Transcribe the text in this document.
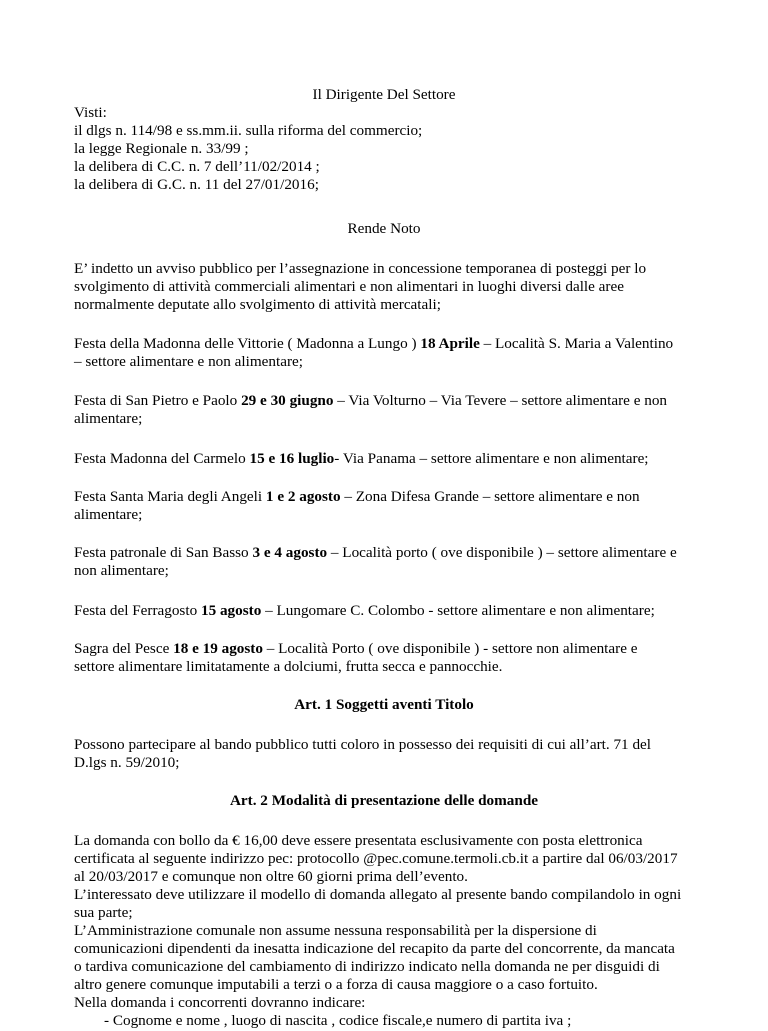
Il Dirigente Del Settore
Visti:
il dlgs n. 114/98 e ss.mm.ii. sulla riforma del commercio;
la legge Regionale n. 33/99 ;
la delibera di C.C. n. 7 dell’11/02/2014 ;
la delibera di G.C. n. 11 del 27/01/2016;
Rende Noto
E’ indetto un avviso pubblico per l’assegnazione in concessione temporanea di posteggi per lo
svolgimento di attività commerciali alimentari e non alimentari in luoghi diversi dalle aree
normalmente deputate allo svolgimento di attività mercatali;
Festa della Madonna delle Vittorie ( Madonna a Lungo ) 18 Aprile – Località S. Maria a Valentino
– settore alimentare e non alimentare;
Festa di San Pietro e Paolo 29 e 30 giugno – Via Volturno – Via Tevere – settore alimentare e non
alimentare;
Festa Madonna del Carmelo 15 e 16 luglio- Via Panama – settore alimentare e non alimentare;
Festa Santa Maria degli Angeli 1 e 2 agosto – Zona Difesa Grande – settore alimentare e non
alimentare;
Festa patronale di San Basso 3 e 4 agosto – Località porto ( ove disponibile ) – settore alimentare e
non alimentare;
Festa del Ferragosto 15 agosto – Lungomare C. Colombo - settore alimentare e non alimentare;
Sagra del Pesce 18 e 19 agosto – Località Porto ( ove disponibile ) - settore non alimentare e
settore alimentare limitatamente a dolciumi, frutta secca e pannocchie.
Art. 1 Soggetti aventi Titolo
Possono partecipare al bando pubblico tutti coloro in possesso dei requisiti di cui all’art. 71 del
D.lgs n. 59/2010;
Art. 2 Modalità di presentazione delle domande
La domanda con bollo da € 16,00 deve essere presentata esclusivamente con posta elettronica
certificata al seguente indirizzo pec: protocollo @pec.comune.termoli.cb.it a partire dal 06/03/2017
al 20/03/2017 e comunque non oltre 60 giorni prima dell’evento.
L’interessato deve utilizzare il modello di domanda allegato al presente bando compilandolo in ogni
sua parte;
L’Amministrazione comunale non assume nessuna responsabilità per la dispersione di
comunicazioni dipendenti da inesatta indicazione del recapito da parte del concorrente, da mancata
o tardiva comunicazione del cambiamento di indirizzo indicato nella domanda ne per disguidi di
altro genere comunque imputabili a terzi o a forza di causa maggiore o a caso fortuito.
Nella domanda i concorrenti dovranno indicare:
- Cognome e nome , luogo di nascita , codice fiscale,e numero di partita iva ;
